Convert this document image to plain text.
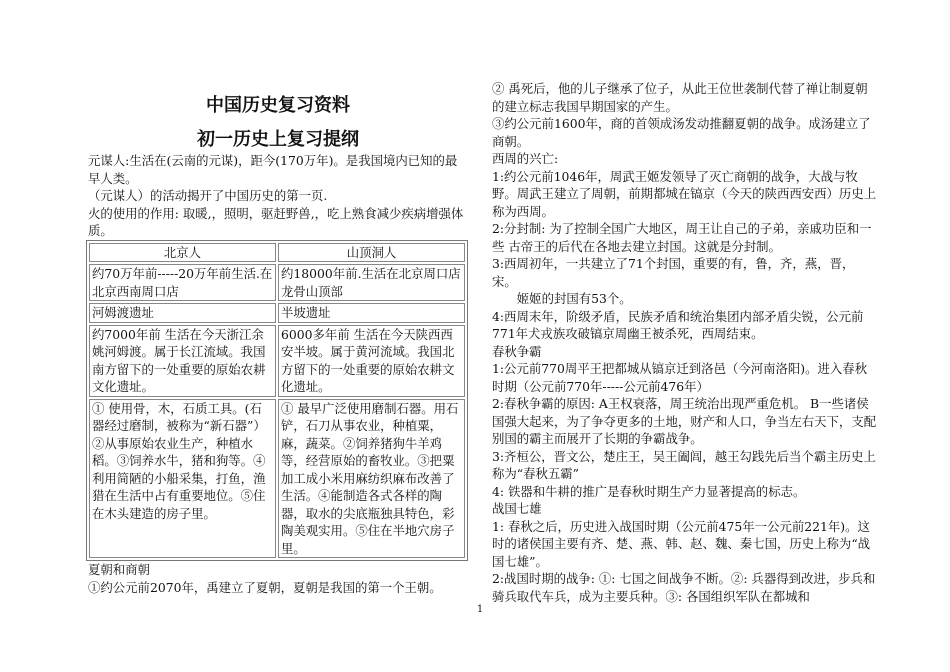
中国历史复习资料
初一历史上复习提纲

元谋人:生活在(云南的元谋)，距今(170万年)。是我国境内已知的最早人类。

（元谋人）的活动揭开了中国历史的第一页.

火的使用的作用: 取暖,，照明，驱赶野兽,，吃上熟食减少疾病增强体质。

北京人	山顶洞人
约70万年前-----20万年前生活.在北京西南周口店	约18000年前.生活在北京周口店龙骨山顶部
河姆渡遗址	半坡遗址
约7000年前 生活在今天浙江余姚河姆渡。属于长江流域。我国南方留下的一处重要的原始农耕文化遗址。	6000多年前 生活在今天陕西西安半坡。属于黄河流域。我国北方留下的一处重要的原始农耕文化遗址。
① 使用骨，木，石质工具。(石器经过磨制，被称为“新石器”）②从事原始农业生产，种植水稻。③饲养水牛，猪和狗等。④利用简陋的小船采集，打鱼，渔猎在生活中占有重要地位。⑤住在木头建造的房子里。	① 最早广泛使用磨制石器。用石铲，石刀从事农业，种植粟，麻，蔬菜。②饲养猪狗牛羊鸡等，经营原始的畜牧业。③把粟加工成小米用麻纺织麻布改善了生活。④能制造各式各样的陶器，取水的尖底瓶独具特色，彩陶美观实用。⑤住在半地穴房子里。

夏朝和商朝

①约公元前2070年，禹建立了夏朝，夏朝是我国的第一个王朝。

② 禹死后，他的儿子继承了位子，从此王位世袭制代替了禅让制夏朝的建立标志我国早期国家的产生。

③约公元前1600年，商的首领成汤发动推翻夏朝的战争。成汤建立了商朝。

西周的兴亡:

1:约公元前1046年，周武王姬发领导了灭亡商朝的战争，大战与牧野。周武王建立了周朝，前期都城在镐京（今天的陕西西安西）历史上称为西周。

2:分封制: 为了控制全国广大地区，周王让自己的子弟，亲戚功臣和一些 古帝王的后代在各地去建立封国。这就是分封制。

3:西周初年，一共建立了71个封国，重要的有，鲁，齐，燕，晋，宋。

姬姬的封国有53个。

4:西周末年，阶级矛盾，民族矛盾和统治集团内部矛盾尖锐，公元前771年犬戎族攻破镐京周幽王被杀死，西周结束。

春秋争霸

1:公元前770周平王把都城从镐京迁到洛邑（今河南洛阳)。进入春秋时期（公元前770年-----公元前476年）

2:春秋争霸的原因: A王权衰落，周王统治出现严重危机。 B一些诸侯国强大起来，为了争夺更多的土地，财产和人口，争当左右天下，支配别国的霸主而展开了长期的争霸战争。

3:齐桓公，晋文公，楚庄王，吴王阖闾，越王勾践先后当个霸主历史上称为“春秋五霸”

4: 铁器和牛耕的推广是春秋时期生产力显著提高的标志。

战国七雄

1: 春秋之后，历史进入战国时期（公元前475年一公元前221年)。这时的诸侯国主要有齐、楚、燕、韩、赵、魏、秦七国，历史上称为“战国七雄”。

2:战国时期的战争: ①: 七国之间战争不断。②: 兵器得到改进，步兵和骑兵取代车兵，成为主要兵种。③: 各国组织军队在都城和

1
